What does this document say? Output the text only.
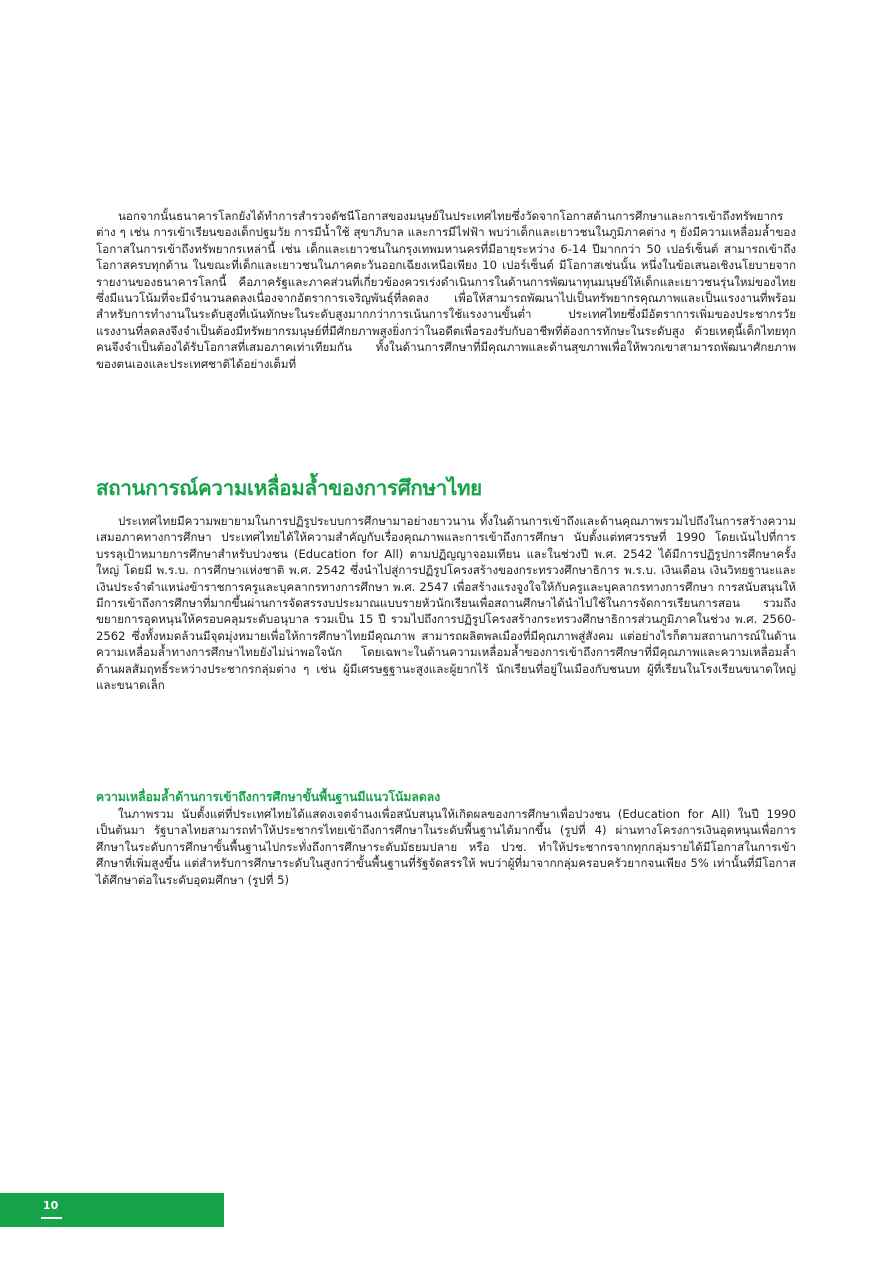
นอกจากนั้นธนาคารโลกยังได้ทำการสำรวจดัชนีโอกาสของมนุษย์ในประเทศไทยซึ่งวัดจากโอกาสด้านการศึกษาและการเข้าถึงทรัพยากรต่าง ๆ เช่น การเข้าเรียนของเด็กปฐมวัย การมีน้ำใช้ สุขาภิบาล และการมีไฟฟ้า พบว่าเด็กและเยาวชนในภูมิภาคต่าง ๆ ยังมีความเหลื่อมล้ำของโอกาสในการเข้าถึงทรัพยากรเหล่านี้ เช่น เด็กและเยาวชนในกรุงเทพมหานครที่มีอายุระหว่าง 6-14 ปีมากกว่า 50 เปอร์เซ็นต์ สามารถเข้าถึงโอกาสครบทุกด้าน ในขณะที่เด็กและเยาวชนในภาคตะวันออกเฉียงเหนือเพียง 10 เปอร์เซ็นต์ มีโอกาสเช่นนั้น หนึ่งในข้อเสนอเชิงนโยบายจากรายงานของธนาคารโลกนี้ คือภาครัฐและภาคส่วนที่เกี่ยวข้องควรเร่งดำเนินการในด้านการพัฒนาทุนมนุษย์ให้เด็กและเยาวชนรุ่นใหม่ของไทยซึ่งมีแนวโน้มที่จะมีจำนวนลดลงเนื่องจากอัตราการเจริญพันธุ์ที่ลดลง เพื่อให้สามารถพัฒนาไปเป็นทรัพยากรคุณภาพและเป็นแรงงานที่พร้อมสำหรับการทำงานในระดับสูงที่เน้นทักษะในระดับสูงมากกว่าการเน้นการใช้แรงงานขั้นต่ำ ประเทศไทยซึ่งมีอัตราการเพิ่มของประชากรวัยแรงงานที่ลดลงจึงจำเป็นต้องมีทรัพยากรมนุษย์ที่มีศักยภาพสูงยิ่งกว่าในอดีตเพื่อรองรับกับอาชีพที่ต้องการทักษะในระดับสูง ด้วยเหตุนี้เด็กไทยทุกคนจึงจำเป็นต้องได้รับโอกาสที่เสมอภาคเท่าเทียมกัน ทั้งในด้านการศึกษาที่มีคุณภาพและด้านสุขภาพเพื่อให้พวกเขาสามารถพัฒนาศักยภาพของตนเองและประเทศชาติได้อย่างเต็มที่

สถานการณ์ความเหลื่อมล้ำของการศึกษาไทย

ประเทศไทยมีความพยายามในการปฏิรูประบบการศึกษามาอย่างยาวนาน ทั้งในด้านการเข้าถึงและด้านคุณภาพรวมไปถึงในการสร้างความเสมอภาคทางการศึกษา ประเทศไทยได้ให้ความสำคัญกับเรื่องคุณภาพและการเข้าถึงการศึกษา นับตั้งแต่ทศวรรษที่ 1990 โดยเน้นไปที่การบรรลุเป้าหมายการศึกษาสำหรับปวงชน (Education for All) ตามปฏิญญาจอมเทียน และในช่วงปี พ.ศ. 2542 ได้มีการปฏิรูปการศึกษาครั้งใหญ่ โดยมี พ.ร.บ. การศึกษาแห่งชาติ พ.ศ. 2542 ซึ่งนำไปสู่การปฏิรูปโครงสร้างของกระทรวงศึกษาธิการ พ.ร.บ. เงินเดือน เงินวิทยฐานะและเงินประจำตำแหน่งข้าราชการครูและบุคลากรทางการศึกษา พ.ศ. 2547 เพื่อสร้างแรงจูงใจให้กับครูและบุคลากรทางการศึกษา การสนับสนุนให้มีการเข้าถึงการศึกษาที่มากขึ้นผ่านการจัดสรรงบประมาณแบบรายหัวนักเรียนเพื่อสถานศึกษาได้นำไปใช้ในการจัดการเรียนการสอน รวมถึงขยายการอุดหนุนให้ครอบคลุมระดับอนุบาล รวมเป็น 15 ปี รวมไปถึงการปฏิรูปโครงสร้างกระทรวงศึกษาธิการส่วนภูมิภาคในช่วง พ.ศ. 2560-2562 ซึ่งทั้งหมดล้วนมีจุดมุ่งหมายเพื่อให้การศึกษาไทยมีคุณภาพ สามารถผลิตพลเมืองที่มีคุณภาพสู่สังคม แต่อย่างไรก็ตามสถานการณ์ในด้านความเหลื่อมล้ำทางการศึกษาไทยยังไม่น่าพอใจนัก โดยเฉพาะในด้านความเหลื่อมล้ำของการเข้าถึงการศึกษาที่มีคุณภาพและความเหลื่อมล้ำด้านผลสัมฤทธิ์ระหว่างประชากรกลุ่มต่าง ๆ เช่น ผู้มีเศรษฐฐานะสูงและผู้ยากไร้ นักเรียนที่อยู่ในเมืองกับชนบท ผู้ที่เรียนในโรงเรียนขนาดใหญ่และขนาดเล็ก

ความเหลื่อมล้ำด้านการเข้าถึงการศึกษาขั้นพื้นฐานมีแนวโน้มลดลง

ในภาพรวม นับตั้งแต่ที่ประเทศไทยได้แสดงเจตจำนงเพื่อสนับสนุนให้เกิดผลของการศึกษาเพื่อปวงชน (Education for All) ในปี 1990 เป็นต้นมา รัฐบาลไทยสามารถทำให้ประชากรไทยเข้าถึงการศึกษาในระดับพื้นฐานได้มากขึ้น (รูปที่ 4) ผ่านทางโครงการเงินอุดหนุนเพื่อการศึกษาในระดับการศึกษาขั้นพื้นฐานไปกระทั่งถึงการศึกษาระดับมัธยมปลาย หรือ ปวช. ทำให้ประชากรจากทุกกลุ่มรายได้มีโอกาสในการเข้าศึกษาที่เพิ่มสูงขึ้น แต่สำหรับการศึกษาระดับในสูงกว่าขั้นพื้นฐานที่รัฐจัดสรรให้ พบว่าผู้ที่มาจากกลุ่มครอบครัวยากจนเพียง 5% เท่านั้นที่มีโอกาสได้ศึกษาต่อในระดับอุดมศึกษา (รูปที่ 5)

10
